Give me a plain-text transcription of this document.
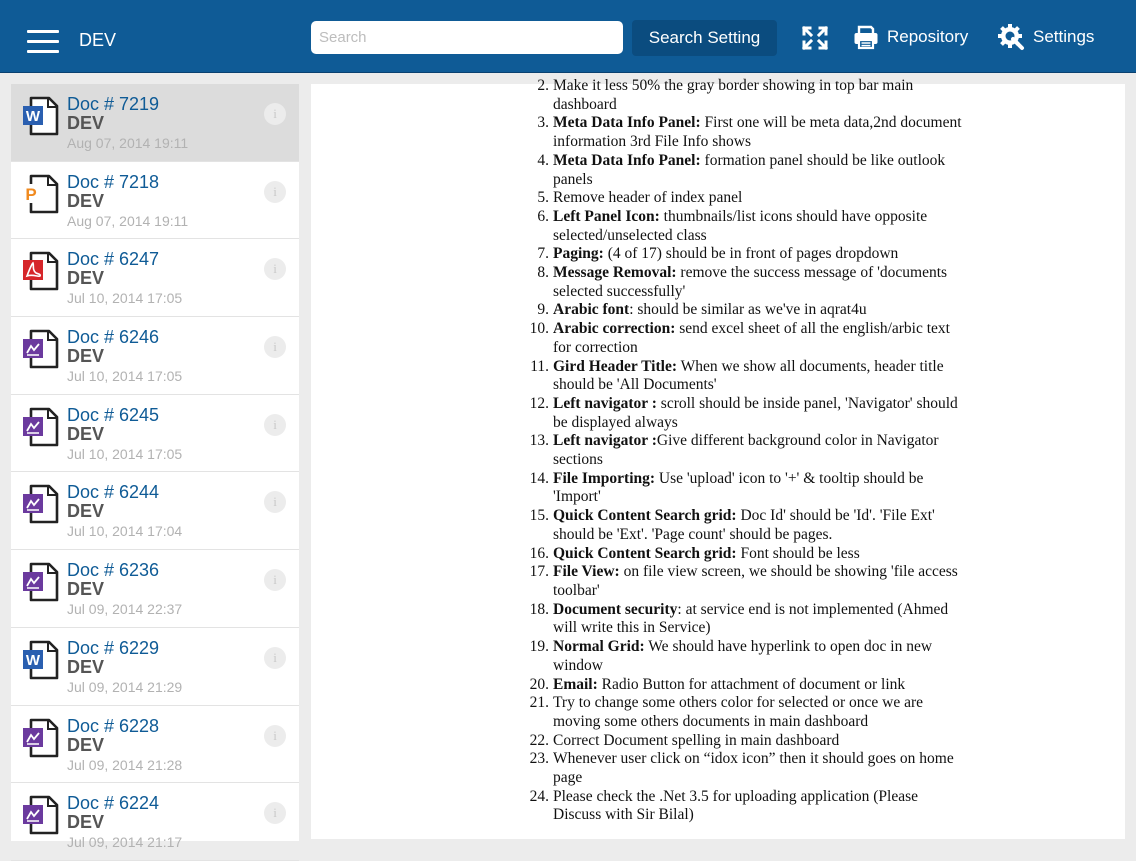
DEV
Search	Search Setting	Repository	Settings
W
Doc # 7219
DEV
Aug 07, 2014 19:11
i
P
Doc # 7218
DEV
Aug 07, 2014 19:11
i
Doc # 6247
DEV
Jul 10, 2014 17:05
i
Doc # 6246
DEV
Jul 10, 2014 17:05
i
Doc # 6245
DEV
Jul 10, 2014 17:05
i
Doc # 6244
DEV
Jul 10, 2014 17:04
i
Doc # 6236
DEV
Jul 09, 2014 22:37
i
W
Doc # 6229
DEV
Jul 09, 2014 21:29
i
Doc # 6228
DEV
Jul 09, 2014 21:28
i
Doc # 6224
DEV
Jul 09, 2014 21:17
i
2. Make it less 50% the gray border showing in top bar main dashboard
3. Meta Data Info Panel: First one will be meta data,2nd document information 3rd File Info shows
4. Meta Data Info Panel: formation panel should be like outlook panels
5. Remove header of index panel
6. Left Panel Icon: thumbnails/list icons should have opposite selected/unselected class
7. Paging: (4 of 17) should be in front of pages dropdown
8. Message Removal: remove the success message of 'documents selected successfully'
9. Arabic font: should be similar as we've in aqrat4u
10. Arabic correction: send excel sheet of all the english/arbic text for correction
11. Gird Header Title: When we show all documents, header title should be 'All Documents'
12. Left navigator : scroll should be inside panel, 'Navigator' should be displayed always
13. Left navigator :Give different background color in Navigator sections
14. File Importing: Use 'upload' icon to '+' & tooltip should be 'Import'
15. Quick Content Search grid: Doc Id' should be 'Id'. 'File Ext' should be 'Ext'. 'Page count' should be pages.
16. Quick Content Search grid: Font should be less
17. File View: on file view screen, we should be showing 'file access toolbar'
18. Document security: at service end is not implemented (Ahmed will write this in Service)
19. Normal Grid: We should have hyperlink to open doc in new window
20. Email: Radio Button for attachment of document or link
21. Try to change some others color for selected or once we are moving some others documents in main dashboard
22. Correct Document spelling in main dashboard
23. Whenever user click on “idox icon” then it should goes on home page
24. Please check the .Net 3.5 for uploading application (Please Discuss with Sir Bilal)
